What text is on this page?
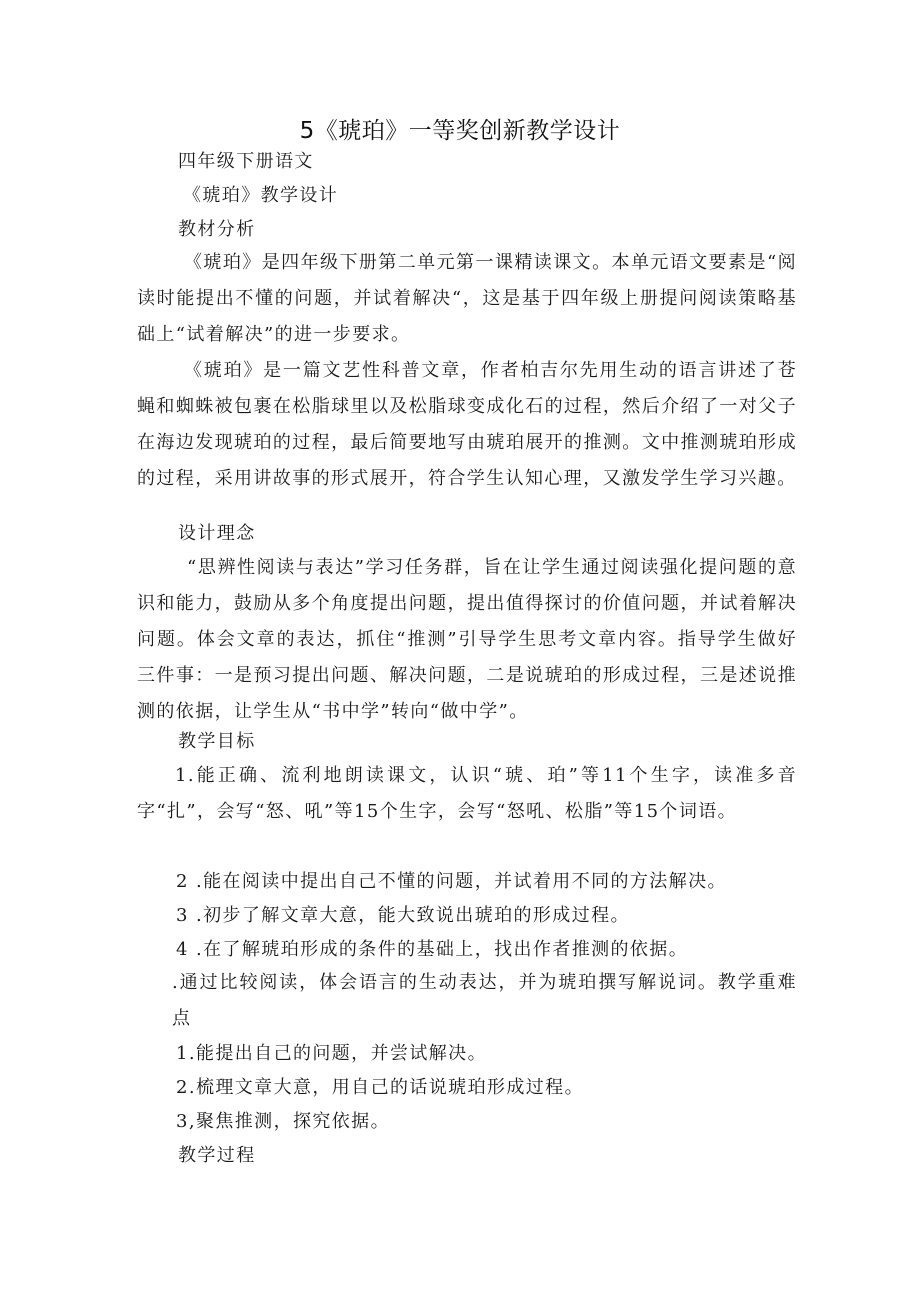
5《琥珀》一等奖创新教学设计
四年级下册语文
《琥珀》教学设计
教材分析
《琥珀》是四年级下册第二单元第一课精读课文。本单元语文要素是“阅读时能提出不懂的问题，并试着解决“，这是基于四年级上册提问阅读策略基础上“试着解决”的进一步要求。
《琥珀》是一篇文艺性科普文章，作者柏吉尔先用生动的语言讲述了苍蝇和蜘蛛被包裹在松脂球里以及松脂球变成化石的过程，然后介绍了一对父子在海边发现琥珀的过程，最后简要地写由琥珀展开的推测。文中推测琥珀形成的过程，采用讲故事的形式展开，符合学生认知心理，又激发学生学习兴趣。
设计理念
“思辨性阅读与表达”学习任务群，旨在让学生通过阅读强化提问题的意识和能力，鼓励从多个角度提出问题，提出值得探讨的价值问题，并试着解决问题。体会文章的表达，抓住“推测”引导学生思考文章内容。指导学生做好三件事：一是预习提出问题、解决问题，二是说琥珀的形成过程，三是述说推测的依据，让学生从“书中学”转向“做中学”。
教学目标
1.能正确、流利地朗读课文，认识“琥、珀”等11个生字，读准多音字“扎”，会写“怒、吼”等15个生字，会写“怒吼、松脂”等15个词语。
2 .能在阅读中提出自己不懂的问题，并试着用不同的方法解决。
3 .初步了解文章大意，能大致说出琥珀的形成过程。
4 .在了解琥珀形成的条件的基础上，找出作者推测的依据。
.通过比较阅读，体会语言的生动表达，并为琥珀撰写解说词。教学重难点
1.能提出自己的问题，并尝试解决。
2.梳理文章大意，用自己的话说琥珀形成过程。
3,聚焦推测，探究依据。
教学过程
